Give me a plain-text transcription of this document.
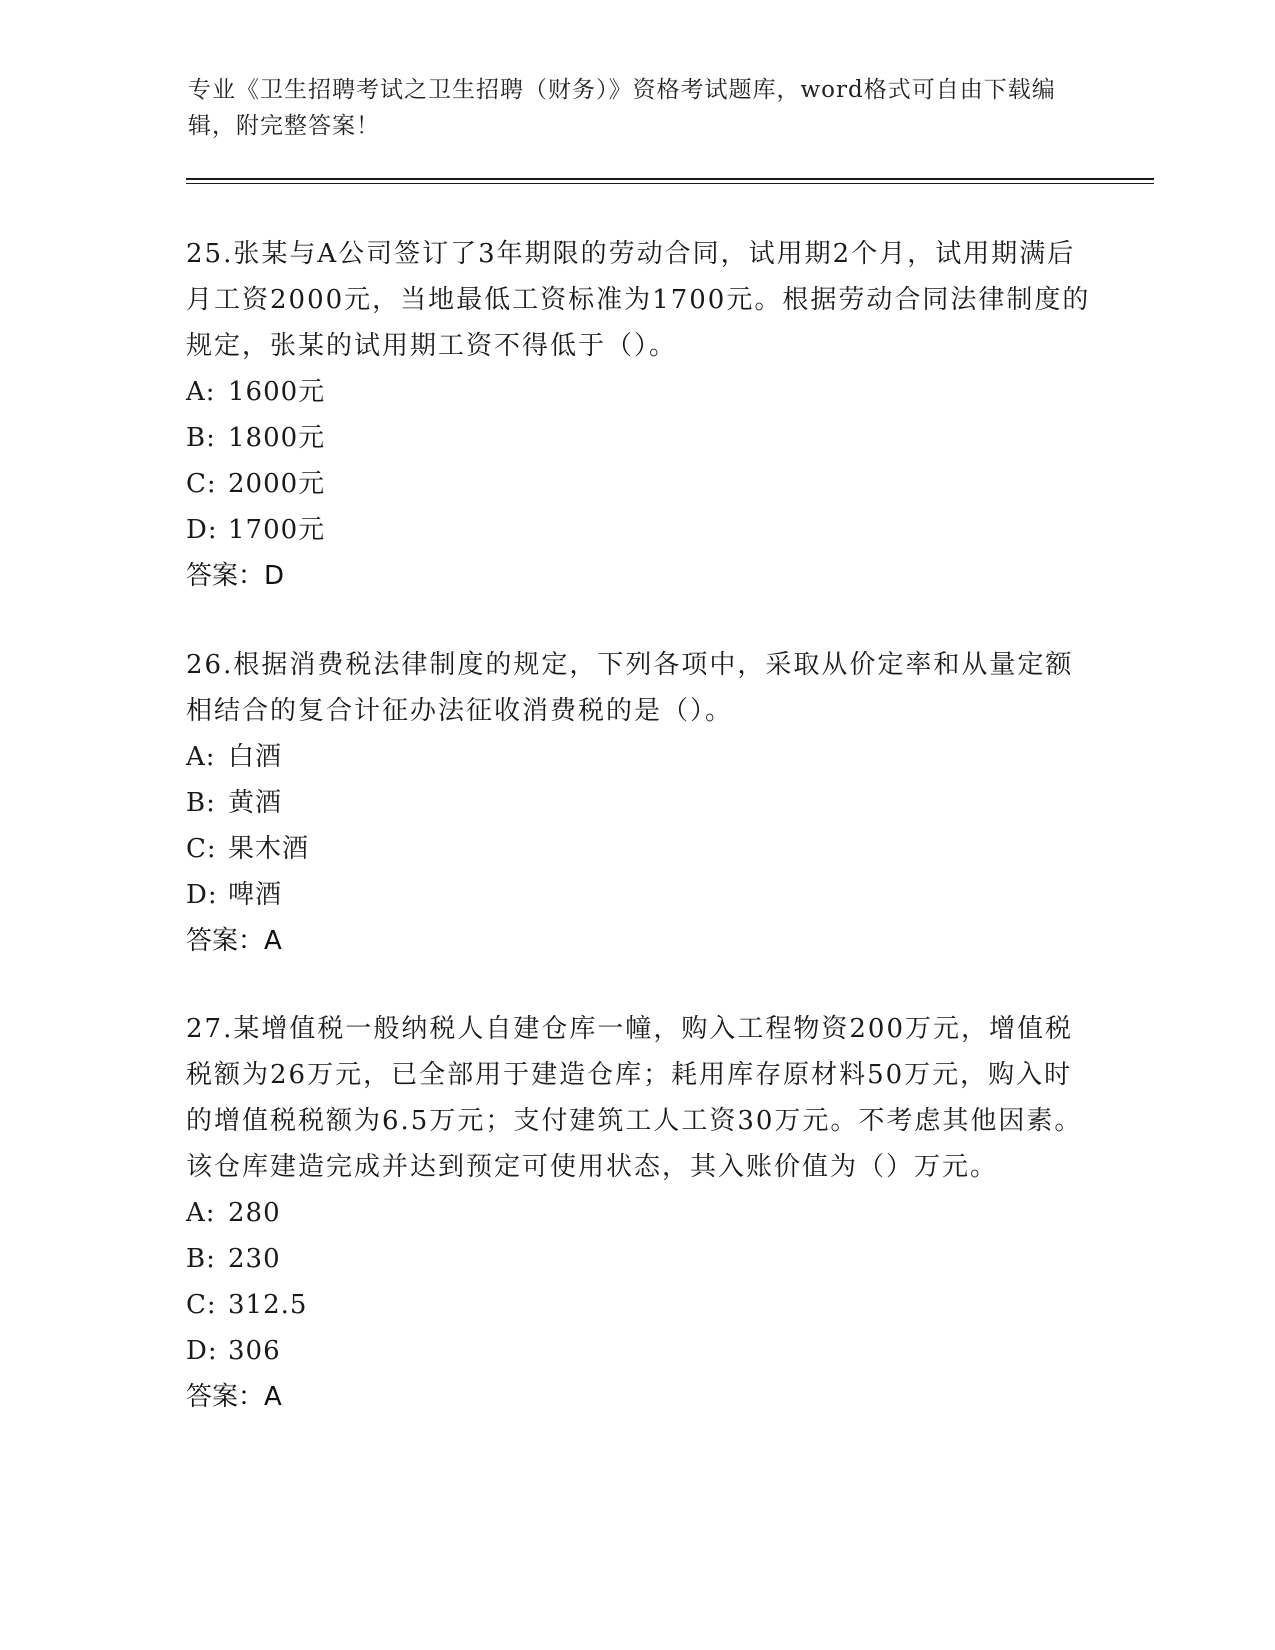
专业《卫生招聘考试之卫生招聘（财务）》资格考试题库，word格式可自由下载编辑，附完整答案！

25.张某与A公司签订了3年期限的劳动合同，试用期2个月，试用期满后月工资2000元，当地最低工资标准为1700元。根据劳动合同法律制度的规定，张某的试用期工资不得低于（）。

A: 1600元
B: 1800元
C: 2000元
D: 1700元
答案：D

26.根据消费税法律制度的规定，下列各项中，采取从价定率和从量定额相结合的复合计征办法征收消费税的是（）。

A: 白酒
B: 黄酒
C: 果木酒
D: 啤酒
答案：A

27.某增值税一般纳税人自建仓库一幢，购入工程物资200万元，增值税税额为26万元，已全部用于建造仓库；耗用库存原材料50万元，购入时的增值税税额为6.5万元；支付建筑工人工资30万元。不考虑其他因素。该仓库建造完成并达到预定可使用状态，其入账价值为（）万元。

A: 280
B: 230
C: 312.5
D: 306
答案：A
